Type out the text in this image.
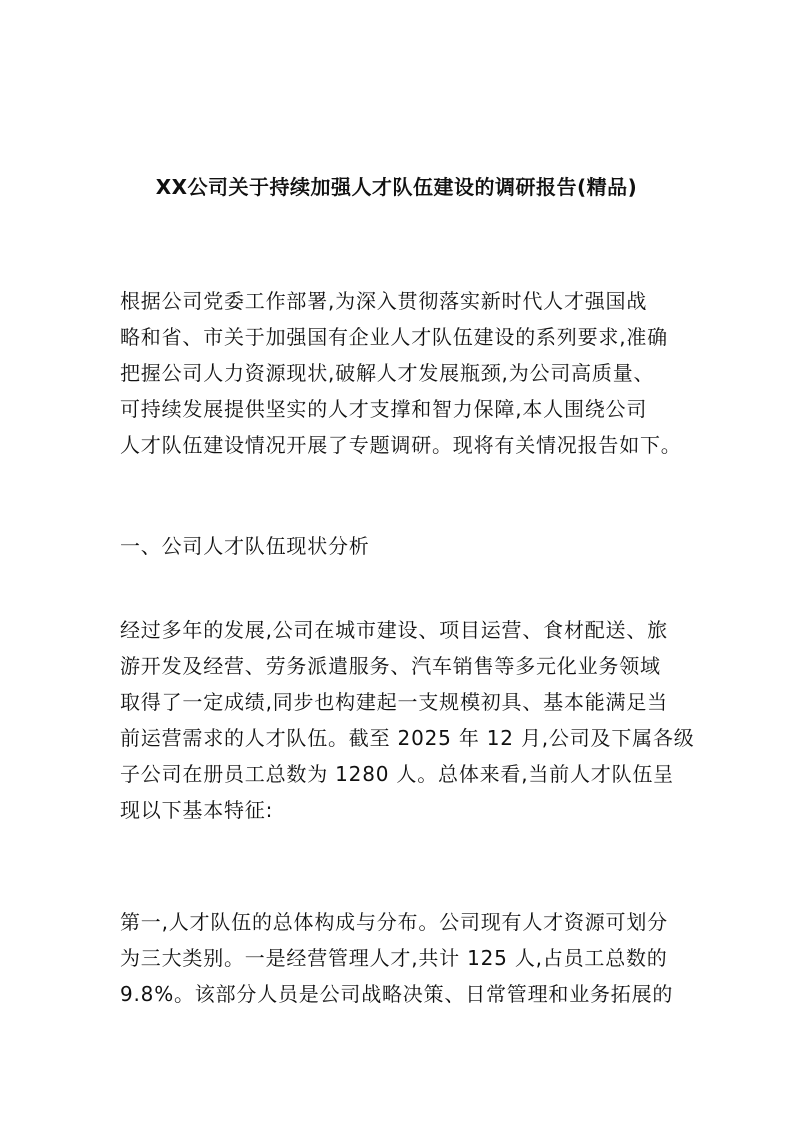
XX公司关于持续加强人才队伍建设的调研报告(精品)
根据公司党委工作部署,为深入贯彻落实新时代人才强国战
略和省、市关于加强国有企业人才队伍建设的系列要求,准确
把握公司人力资源现状,破解人才发展瓶颈,为公司高质量、
可持续发展提供坚实的人才支撑和智力保障,本人围绕公司
人才队伍建设情况开展了专题调研。现将有关情况报告如下。
一、公司人才队伍现状分析
经过多年的发展,公司在城市建设、项目运营、食材配送、旅
游开发及经营、劳务派遣服务、汽车销售等多元化业务领域
取得了一定成绩,同步也构建起一支规模初具、基本能满足当
前运营需求的人才队伍。截至 2025 年 12 月,公司及下属各级
子公司在册员工总数为 1280 人。总体来看,当前人才队伍呈
现以下基本特征:
第一,人才队伍的总体构成与分布。公司现有人才资源可划分
为三大类别。一是经营管理人才,共计 125 人,占员工总数的
9.8%。该部分人员是公司战略决策、日常管理和业务拓展的
